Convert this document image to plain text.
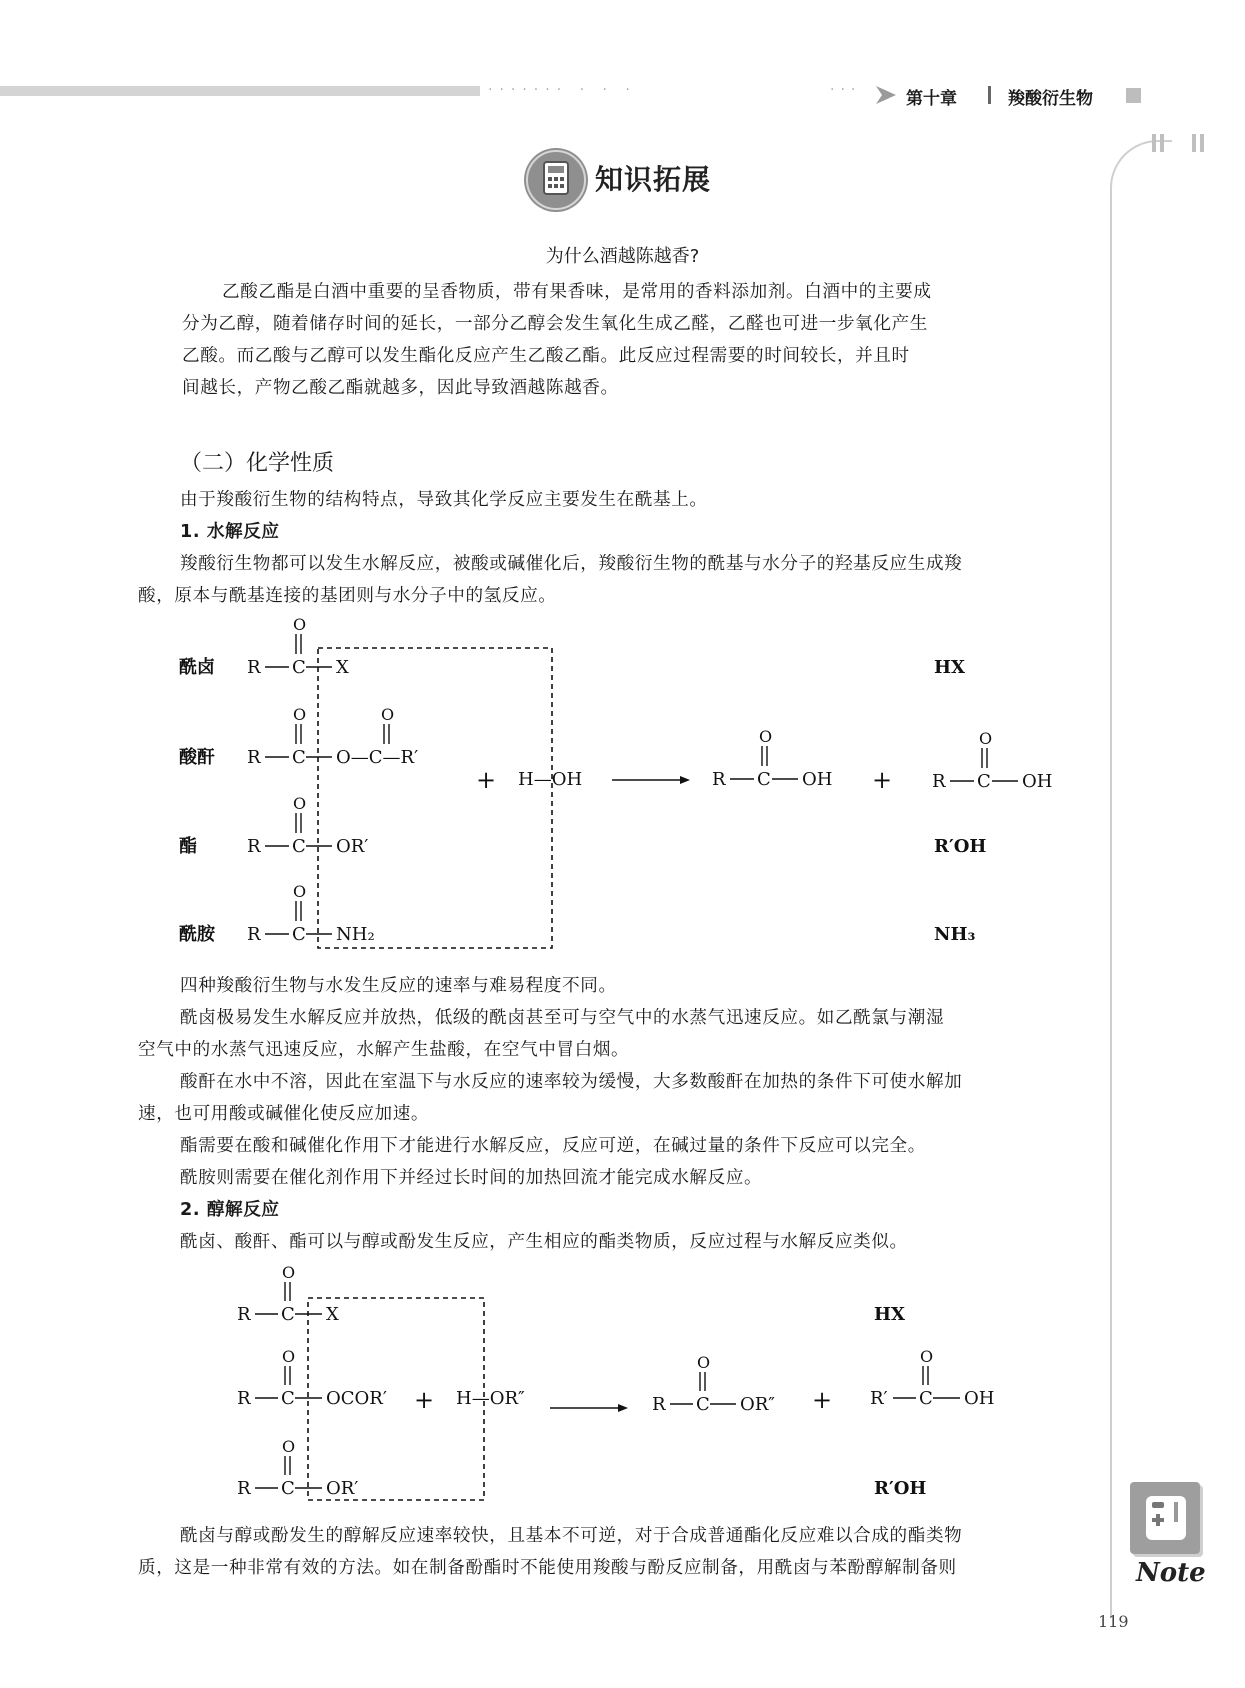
······· · · ·	···	第十章	羧酸衍生物
知识拓展
为什么酒越陈越香?
乙酸乙酯是白酒中重要的呈香物质，带有果香味，是常用的香料添加剂。白酒中的主要成
分为乙醇，随着储存时间的延长，一部分乙醇会发生氧化生成乙醛，乙醛也可进一步氧化产生
乙酸。而乙酸与乙醇可以发生酯化反应产生乙酸乙酯。此反应过程需要的时间较长，并且时
间越长，产物乙酸乙酯就越多，因此导致酒越陈越香。
（二）化学性质
由于羧酸衍生物的结构特点，导致其化学反应主要发生在酰基上。
1. 水解反应
羧酸衍生物都可以发生水解反应，被酸或碱催化后，羧酸衍生物的酰基与水分子的羟基反应生成羧
酸，原本与酰基连接的基团则与水分子中的氢反应。
酰卤 R C
O
X	HX
酸酐 R C
O
O—C—R′
O
+ H—OH	R C
O
OH + R C
O
OH
酯	R C
O
OR′	R′OH
酰胺 R C
O
NH₂	NH₃
四种羧酸衍生物与水发生反应的速率与难易程度不同。
酰卤极易发生水解反应并放热，低级的酰卤甚至可与空气中的水蒸气迅速反应。如乙酰氯与潮湿
空气中的水蒸气迅速反应，水解产生盐酸，在空气中冒白烟。
酸酐在水中不溶，因此在室温下与水反应的速率较为缓慢，大多数酸酐在加热的条件下可使水解加
速，也可用酸或碱催化使反应加速。
酯需要在酸和碱催化作用下才能进行水解反应，反应可逆，在碱过量的条件下反应可以完全。
酰胺则需要在催化剂作用下并经过长时间的加热回流才能完成水解反应。
2. 醇解反应
酰卤、酸酐、酯可以与醇或酚发生反应，产生相应的酯类物质，反应过程与水解反应类似。
R C
O
X	HX
R C
O
OCOR′ + H—OR″	R C
O
OR″ + R′ C
O
OH
R C
O
OR′	R′OH
酰卤与醇或酚发生的醇解反应速率较快，且基本不可逆，对于合成普通酯化反应难以合成的酯类物
质，这是一种非常有效的方法。如在制备酚酯时不能使用羧酸与酚反应制备，用酰卤与苯酚醇解制备则	Note
119
